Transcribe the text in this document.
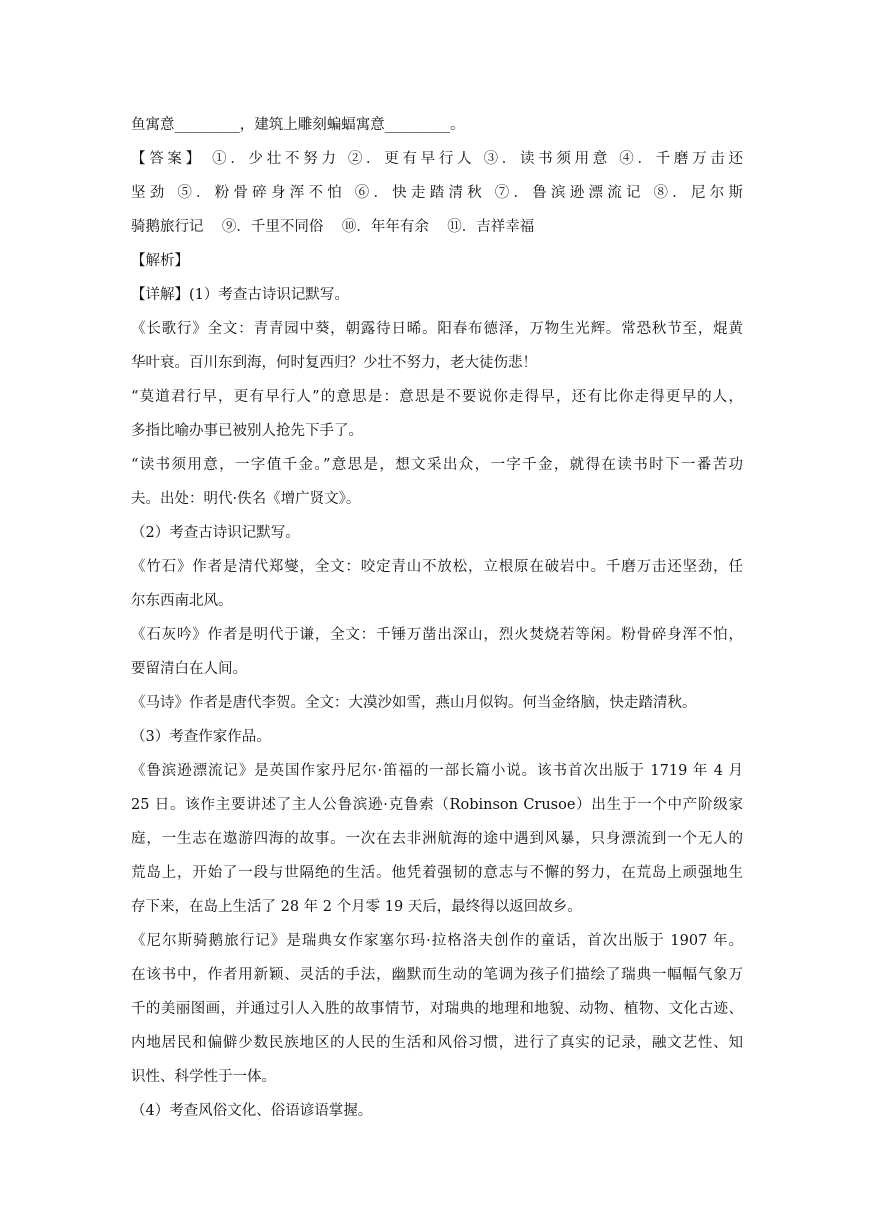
鱼寓意_________，建筑上雕刻蝙蝠寓意_________。
【答案】 ①．少壮不努力 ②．更有早行人 ③．读书须用意 ④．千磨万击还
坚劲 ⑤．粉骨碎身浑不怕 ⑥．快走踏清秋 ⑦．鲁滨逊漂流记 ⑧．尼尔斯
骑鹅旅行记    ⑨．千里不同俗    ⑩．年年有余    ⑪．吉祥幸福
【解析】
【详解】(1）考查古诗识记默写。
《长歌行》全文：青青园中葵，朝露待日晞。阳春布德泽，万物生光辉。常恐秋节至，焜黄
华叶衰。百川东到海，何时复西归？少壮不努力，老大徒伤悲！
“莫道君行早，更有早行人”的意思是：意思是不要说你走得早，还有比你走得更早的人，
多指比喻办事已被别人抢先下手了。
“读书须用意，一字值千金。”意思是，想文采出众，一字千金，就得在读书时下一番苦功
夫。出处：明代·佚名《增广贤文》。
（2）考查古诗识记默写。
《竹石》作者是清代郑燮，全文：咬定青山不放松，立根原在破岩中。千磨万击还坚劲，任
尔东西南北风。
《石灰吟》作者是明代于谦，全文：千锤万凿出深山，烈火焚烧若等闲。粉骨碎身浑不怕，
要留清白在人间。
《马诗》作者是唐代李贺。全文：大漠沙如雪，燕山月似钩。何当金络脑，快走踏清秋。
（3）考查作家作品。
《鲁滨逊漂流记》是英国作家丹尼尔·笛福的一部长篇小说。该书首次出版于 1719 年 4 月
25 日。该作主要讲述了主人公鲁滨逊·克鲁索（Robinson Crusoe）出生于一个中产阶级家
庭，一生志在遨游四海的故事。一次在去非洲航海的途中遇到风暴，只身漂流到一个无人的
荒岛上，开始了一段与世隔绝的生活。他凭着强韧的意志与不懈的努力，在荒岛上顽强地生
存下来，在岛上生活了 28 年 2 个月零 19 天后，最终得以返回故乡。
《尼尔斯骑鹅旅行记》是瑞典女作家塞尔玛·拉格洛夫创作的童话，首次出版于 1907 年。
在该书中，作者用新颖、灵活的手法，幽默而生动的笔调为孩子们描绘了瑞典一幅幅气象万
千的美丽图画，并通过引人入胜的故事情节，对瑞典的地理和地貌、动物、植物、文化古迹、
内地居民和偏僻少数民族地区的人民的生活和风俗习惯，进行了真实的记录，融文艺性、知
识性、科学性于一体。
（4）考查风俗文化、俗语谚语掌握。
